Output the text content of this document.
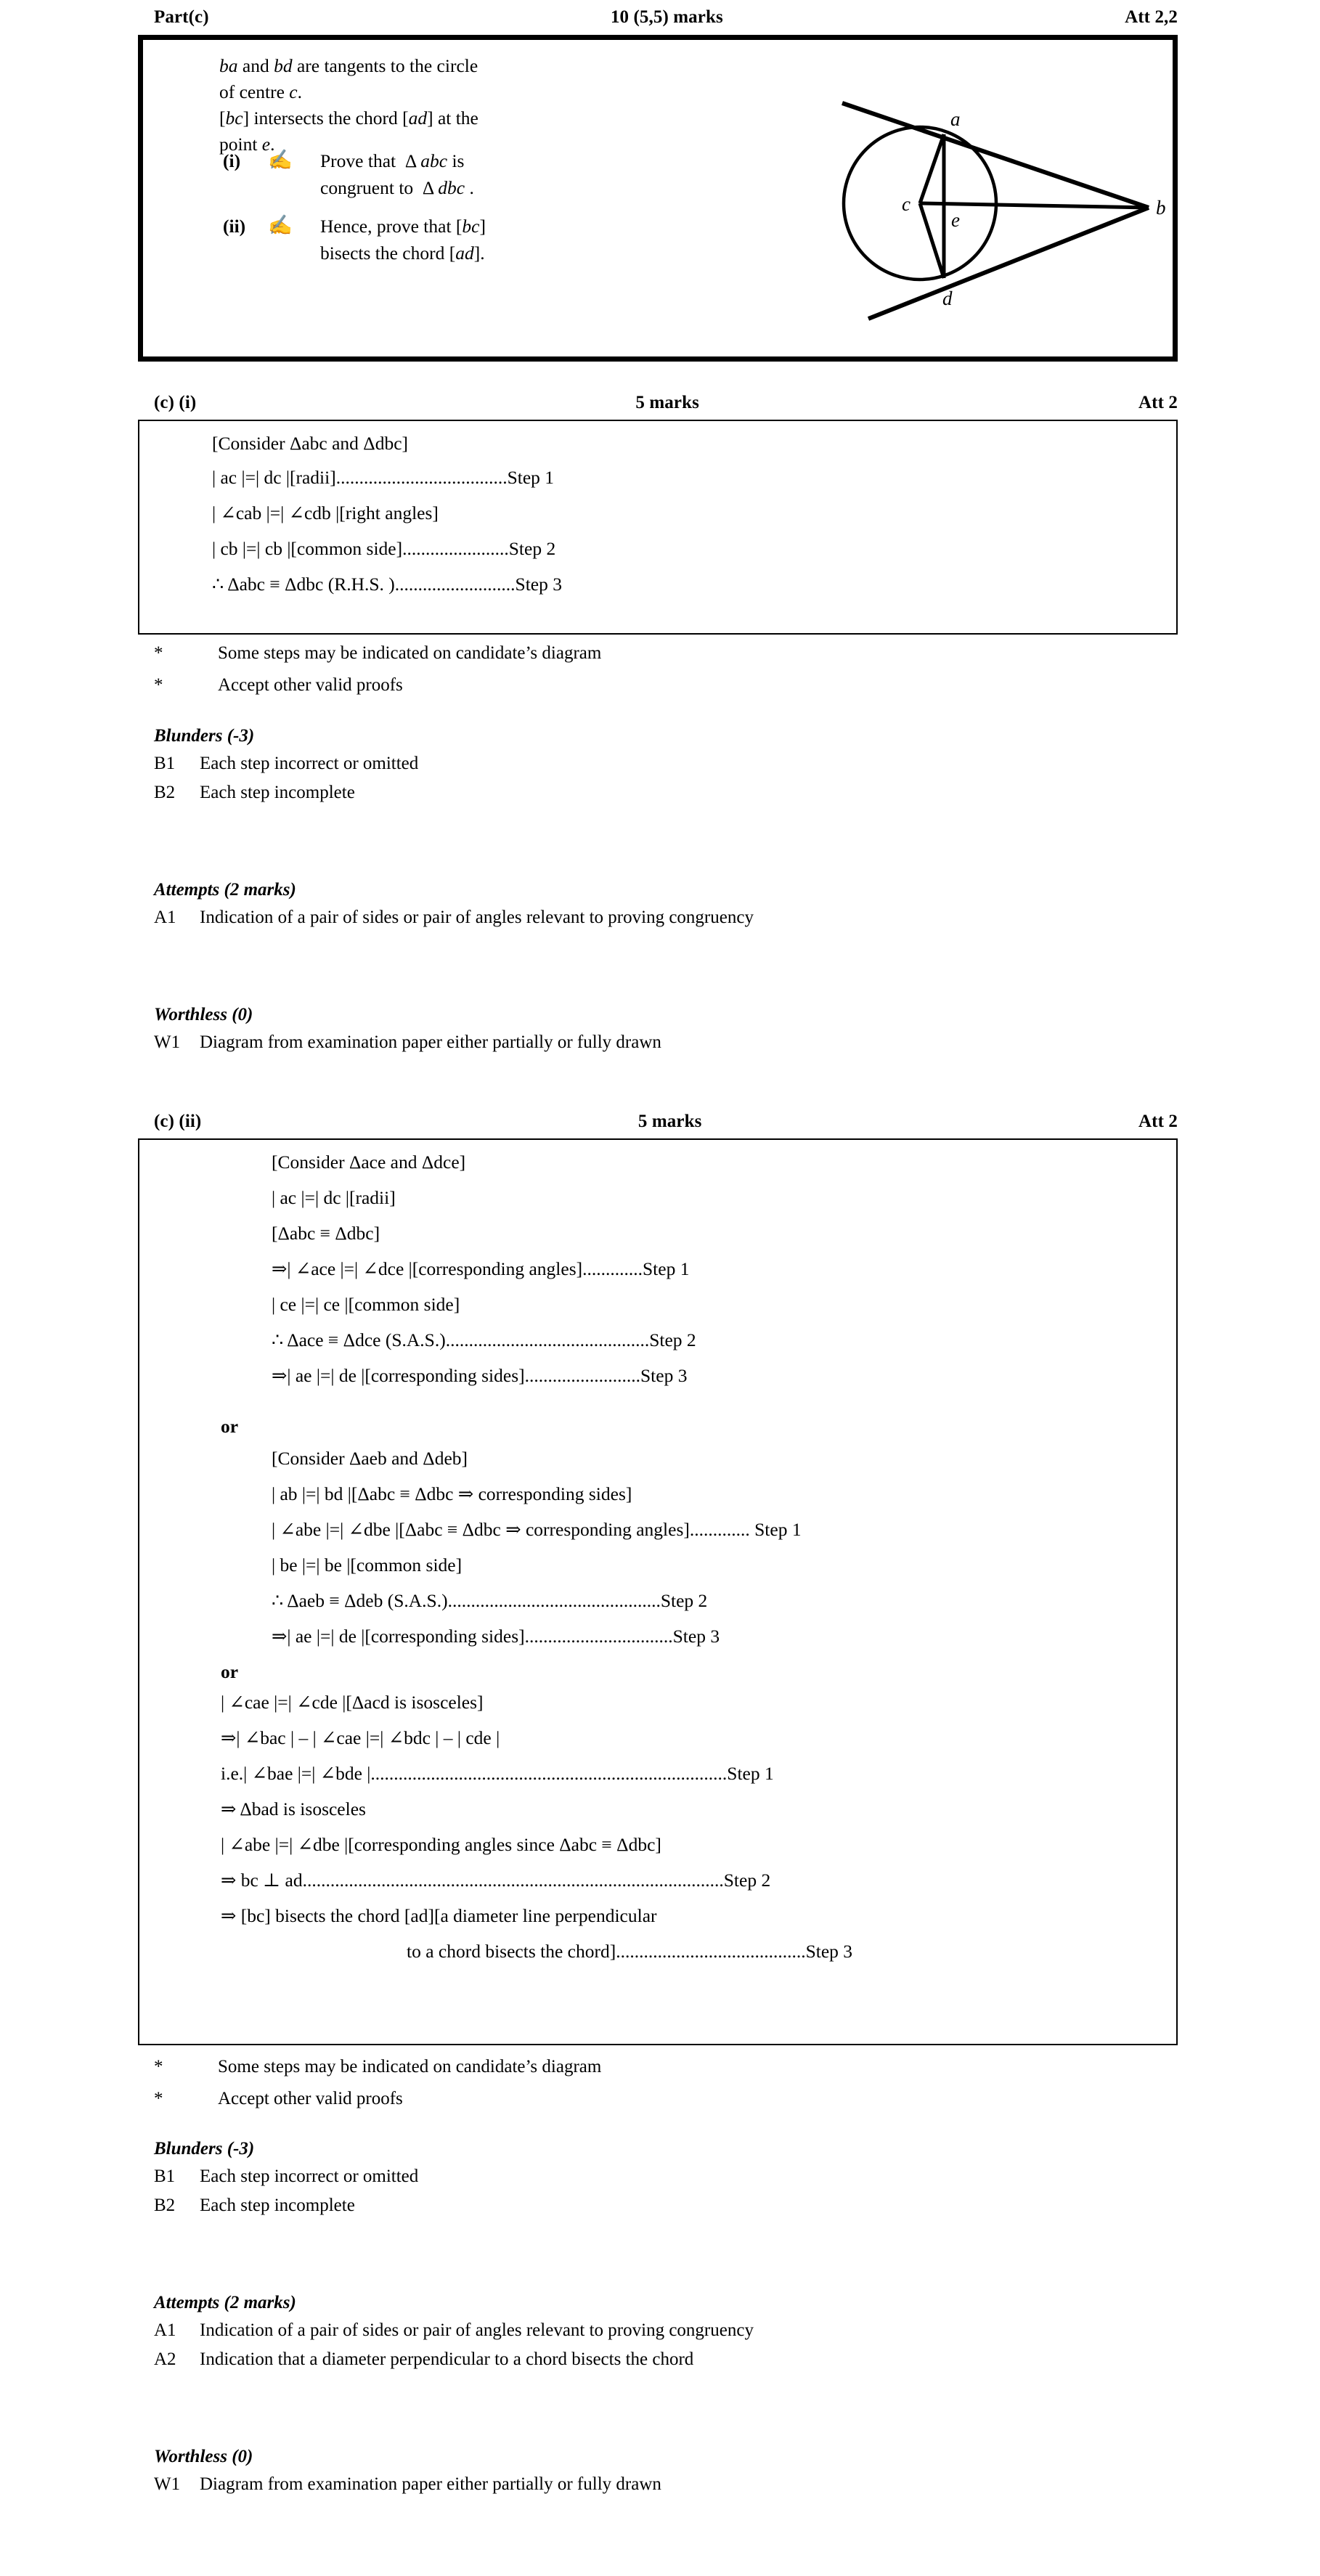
Part(c)	10 (5,5) marks	Att 2,2
ba and bd are tangents to the circle
of centre c.
[bc] intersects the chord [ad] at the
point e.
(i)	✍	Prove that  Δ abc is
congruent to  Δ dbc .
(ii)	✍	Hence, prove that [bc]
bisects the chord [ad].
a
b
c
d
e
(c) (i)	5 marks	Att 2
[Consider Δabc and Δdbc]
| ac |=| dc |[radii].....................................Step 1
| ∠cab |=| ∠cdb |[right angles]
| cb |=| cb |[common side].......................Step 2
∴ Δabc ≡ Δdbc (R.H.S. )..........................Step 3
*	Some steps may be indicated on candidate’s diagram
*	Accept other valid proofs
Blunders (-3)
B1 Each step incorrect or omitted
B2 Each step incomplete
Attempts (2 marks)
A1 Indication of a pair of sides or pair of angles relevant to proving congruency
Worthless (0)
W1 Diagram from examination paper either partially or fully drawn
(c) (ii)	5 marks	Att 2
[Consider Δace and Δdce]
| ac |=| dc |[radii]
[Δabc ≡ Δdbc]
⇒| ∠ace |=| ∠dce |[corresponding angles].............Step 1
| ce |=| ce |[common side]
∴ Δace ≡ Δdce (S.A.S.)............................................Step 2
⇒| ae |=| de |[corresponding sides].........................Step 3
or
[Consider Δaeb and Δdeb]
| ab |=| bd |[Δabc ≡ Δdbc ⇒ corresponding sides]
| ∠abe |=| ∠dbe |[Δabc ≡ Δdbc ⇒ corresponding angles]............. Step 1
| be |=| be |[common side]
∴ Δaeb ≡ Δdeb (S.A.S.)..............................................Step 2
⇒| ae |=| de |[corresponding sides]................................Step 3
or
| ∠cae |=| ∠cde |[Δacd is isosceles]
⇒| ∠bac | – | ∠cae |=| ∠bdc | – | cde |
i.e.| ∠bae |=| ∠bde |.............................................................................Step 1
⇒ Δbad is isosceles
| ∠abe |=| ∠dbe |[corresponding angles since Δabc ≡ Δdbc]
⇒ bc ⊥ ad...........................................................................................Step 2
⇒ [bc] bisects the chord [ad][a diameter line perpendicular
to a chord bisects the chord].........................................Step 3
*	Some steps may be indicated on candidate’s diagram
*	Accept other valid proofs
Blunders (-3)
B1 Each step incorrect or omitted
B2 Each step incomplete
Attempts (2 marks)
A1 Indication of a pair of sides or pair of angles relevant to proving congruency
A2 Indication that a diameter perpendicular to a chord bisects the chord
Worthless (0)
W1 Diagram from examination paper either partially or fully drawn
